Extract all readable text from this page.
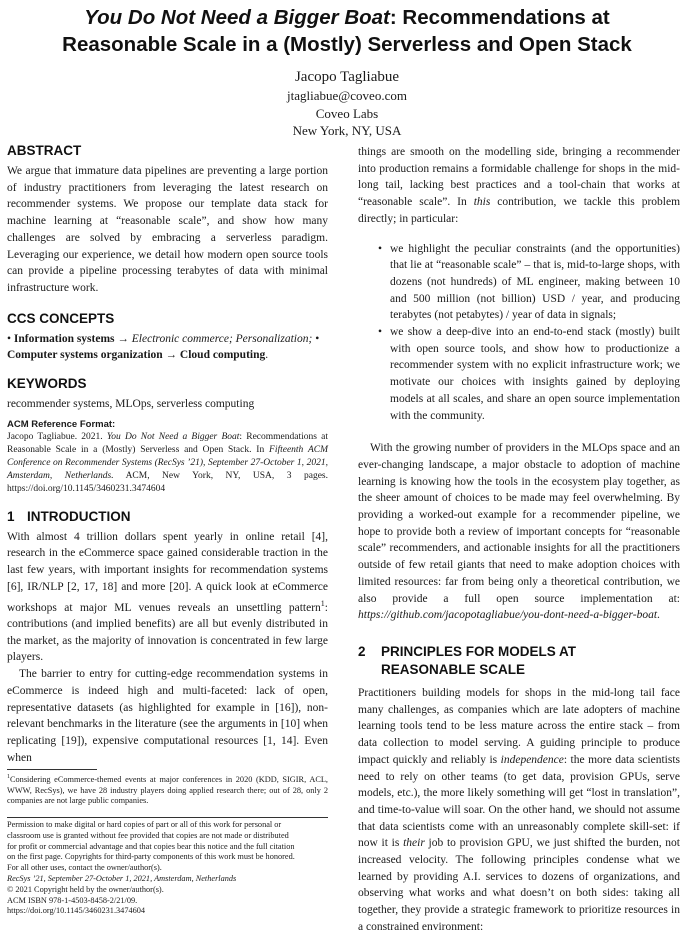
You Do Not Need a Bigger Boat: Recommendations at
Reasonable Scale in a (Mostly) Serverless and Open Stack
Jacopo Tagliabue
jtagliabue@coveo.com
Coveo Labs
New York, NY, USA
ABSTRACT

We argue that immature data pipelines are preventing a large portion of industry practitioners from leveraging the latest research on recommender systems. We propose our template data stack for machine learning at “reasonable scale”, and show how many challenges are solved by embracing a serverless paradigm. Leveraging our experience, we detail how modern open source tools can provide a pipeline processing terabytes of data with minimal infrastructure work.

CCS CONCEPTS

• Information systems → Electronic commerce; Personalization; •
Computer systems organization → Cloud computing.

KEYWORDS

recommender systems, MLOps, serverless computing

ACM Reference Format:

Jacopo Tagliabue. 2021. You Do Not Need a Bigger Boat: Recommendations at Reasonable Scale in a (Mostly) Serverless and Open Stack. In Fifteenth ACM Conference on Recommender Systems (RecSys ’21), September 27-October 1, 2021, Amsterdam, Netherlands. ACM, New York, NY, USA, 3 pages. https://doi.org/10.1145/3460231.3474604

1 INTRODUCTION

With almost 4 trillion dollars spent yearly in online retail [4], research in the eCommerce space gained considerable traction in the last few years, with important insights for recommendation systems [6], IR/NLP [2, 17, 18] and more [20]. A quick look at eCommerce workshops at major ML venues reveals an unsettling pattern$^1$: contributions (and implied benefits) are all but evenly distributed in the market, as the majority of innovation is concentrated in few large players.

The barrier to entry for cutting-edge recommendation systems in eCommerce is indeed high and multi-faceted: lack of open, representative datasets (as highlighted for example in [16]), non-relevant benchmarks in the literature (see the arguments in [10] when replicating [19]), expensive computational resources [1, 14]. Even when

$^1$Considering eCommerce-themed events at major conferences in 2020 (KDD, SIGIR, ACL, WWW, RecSys), we have 28 industry players doing applied research there; out of 28, only 2 companies are not large public companies.

Permission to make digital or hard copies of part or all of this work for personal or
classroom use is granted without fee provided that copies are not made or distributed
for profit or commercial advantage and that copies bear this notice and the full citation
on the first page. Copyrights for third-party components of this work must be honored.
For all other uses, contact the owner/author(s).
RecSys ’21, September 27-October 1, 2021, Amsterdam, Netherlands
© 2021 Copyright held by the owner/author(s).
ACM ISBN 978-1-4503-8458-2/21/09.
https://doi.org/10.1145/3460231.3474604

things are smooth on the modelling side, bringing a recommender into production remains a formidable challenge for shops in the mid-long tail, lacking best practices and a tool-chain that works at “reasonable scale”. In this contribution, we tackle this problem directly; in particular:

• we highlight the peculiar constraints (and the opportunities) that lie at “reasonable scale” – that is, mid-to-large shops, with dozens (not hundreds) of ML engineer, making between 10 and 500 million (not billion) USD / year, and producing terabytes (not petabytes) / year of data in signals;
• we show a deep-dive into an end-to-end stack (mostly) built with open source tools, and show how to productionize a recommender system with no explicit infrastructure work; we motivate our choices with insights gained by deploying models at all scales, and share an open source implementation with the community.

With the growing number of providers in the MLOps space and an ever-changing landscape, a major obstacle to adoption of machine learning is knowing how the tools in the ecosystem play together, as the sheer amount of choices to be made may feel overwhelming. By providing a worked-out example for a recommender pipeline, we hope to provide both a review of important concepts for “reasonable scale” recommenders, and actionable insights for all the practitioners outside of few retail giants that need to make adoption choices with limited resources: far from being only a theoretical contribution, we also provide a full open source implementation at: https://github.com/jacopotagliabue/you-dont-need-a-bigger-boat.

2	PRINCIPLES FOR MODELS AT
REASONABLE SCALE

Practitioners building models for shops in the mid-long tail face many challenges, as companies which are late adopters of machine learning tools tend to be less mature across the entire stack – from data collection to model serving. A guiding principle to produce impact quickly and reliably is independence: the more data scientists need to rely on other teams (to get data, provision GPUs, serve models, etc.), the more likely something will get “lost in translation”, and time-to-value will soar. On the other hand, we should not assume that data scientists come with an unreasonably complete skill-set: if now it is their job to provision GPU, we just shifted the burden, not increased velocity. The following principles condense what we learned by providing A.I. services to dozens of organizations, and observing what works and what doesn’t on both sides: taking all together, they provide a strategic framework to prioritize resources in a constrained environment:
